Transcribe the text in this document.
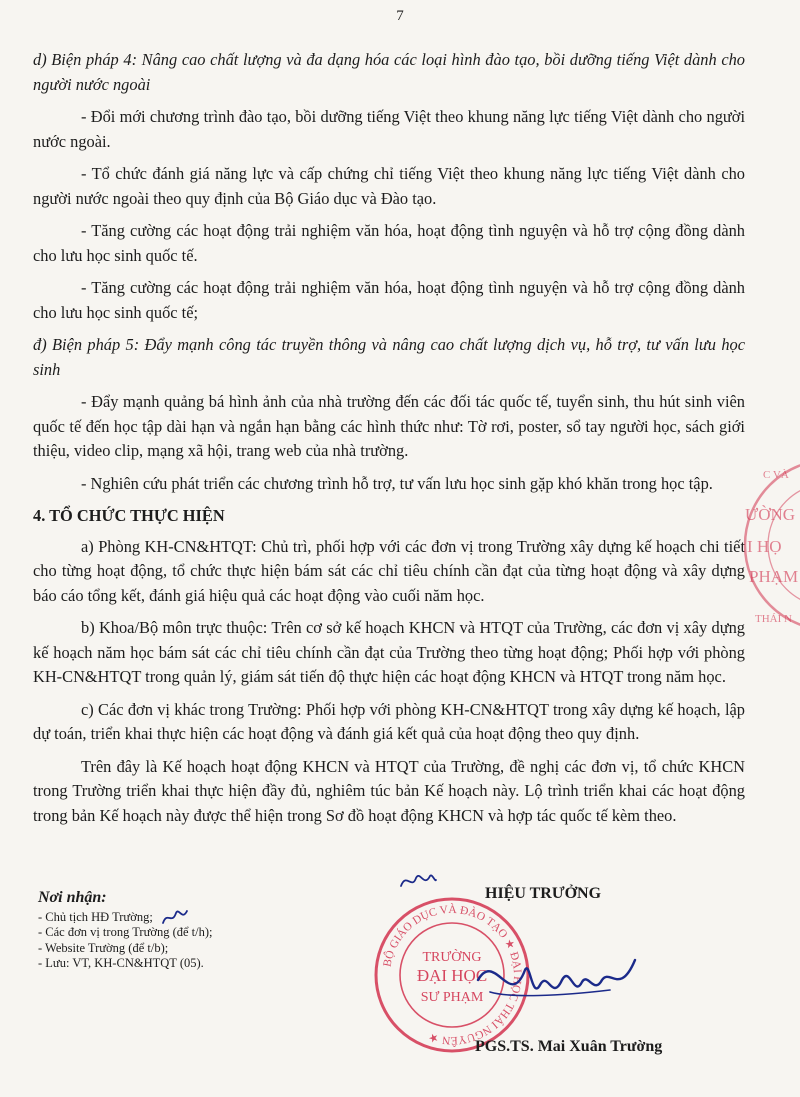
7

d) Biện pháp 4: Nâng cao chất lượng và đa dạng hóa các loại hình đào tạo, bồi dưỡng tiếng Việt dành cho người nước ngoài

- Đổi mới chương trình đào tạo, bồi dưỡng tiếng Việt theo khung năng lực tiếng Việt dành cho người nước ngoài.

- Tổ chức đánh giá năng lực và cấp chứng chỉ tiếng Việt theo khung năng lực tiếng Việt dành cho người nước ngoài theo quy định của Bộ Giáo dục và Đào tạo.

- Tăng cường các hoạt động trải nghiệm văn hóa, hoạt động tình nguyện và hỗ trợ cộng đồng dành cho lưu học sinh quốc tế.

- Tăng cường các hoạt động trải nghiệm văn hóa, hoạt động tình nguyện và hỗ trợ cộng đồng dành cho lưu học sinh quốc tế;

đ) Biện pháp 5: Đẩy mạnh công tác truyền thông và nâng cao chất lượng dịch vụ, hỗ trợ, tư vấn lưu học sinh

- Đẩy mạnh quảng bá hình ảnh của nhà trường đến các đối tác quốc tế, tuyển sinh, thu hút sinh viên quốc tế đến học tập dài hạn và ngắn hạn bằng các hình thức như: Tờ rơi, poster, sổ tay người học, sách giới thiệu, video clip, mạng xã hội, trang web của nhà trường.

- Nghiên cứu phát triển các chương trình hỗ trợ, tư vấn lưu học sinh gặp khó khăn trong học tập.

4. TỔ CHỨC THỰC HIỆN

a) Phòng KH-CN&HTQT: Chủ trì, phối hợp với các đơn vị trong Trường xây dựng kế hoạch chi tiết cho từng hoạt động, tổ chức thực hiện bám sát các chỉ tiêu chính cần đạt của từng hoạt động và xây dựng báo cáo tổng kết, đánh giá hiệu quả các hoạt động vào cuối năm học.

b) Khoa/Bộ môn trực thuộc: Trên cơ sở kế hoạch KHCN và HTQT của Trường, các đơn vị xây dựng kế hoạch năm học bám sát các chỉ tiêu chính cần đạt của Trường theo từng hoạt động; Phối hợp với phòng KH-CN&HTQT trong quản lý, giám sát tiến độ thực hiện các hoạt động KHCN và HTQT trong năm học.

c) Các đơn vị khác trong Trường: Phối hợp với phòng KH-CN&HTQT trong xây dựng kế hoạch, lập dự toán, triển khai thực hiện các hoạt động và đánh giá kết quả của hoạt động theo quy định.

Trên đây là Kế hoạch hoạt động KHCN và HTQT của Trường, đề nghị các đơn vị, tổ chức KHCN trong Trường triển khai thực hiện đầy đủ, nghiêm túc bản Kế hoạch này. Lộ trình triển khai các hoạt động trong bản Kế hoạch này được thể hiện trong Sơ đồ hoạt động KHCN và hợp tác quốc tế kèm theo.

Nơi nhận:
- Chủ tịch HĐ Trường;
- Các đơn vị trong Trường (để t/h);
- Website Trường (để t/b);
- Lưu: VT, KH-CN&HTQT (05).	BỘ GIÁO DỤC VÀ ĐÀO TẠO ★ ĐẠI HỌC THÁI NGUYÊN ★
TRƯỜNG
ĐẠI HỌC
SƯ PHẠM
HIỆU TRƯỞNG
PGS.TS. Mai Xuân Trường
C VÀ
ƯỜNG
I HỌ
PHẠM
THÁI N
